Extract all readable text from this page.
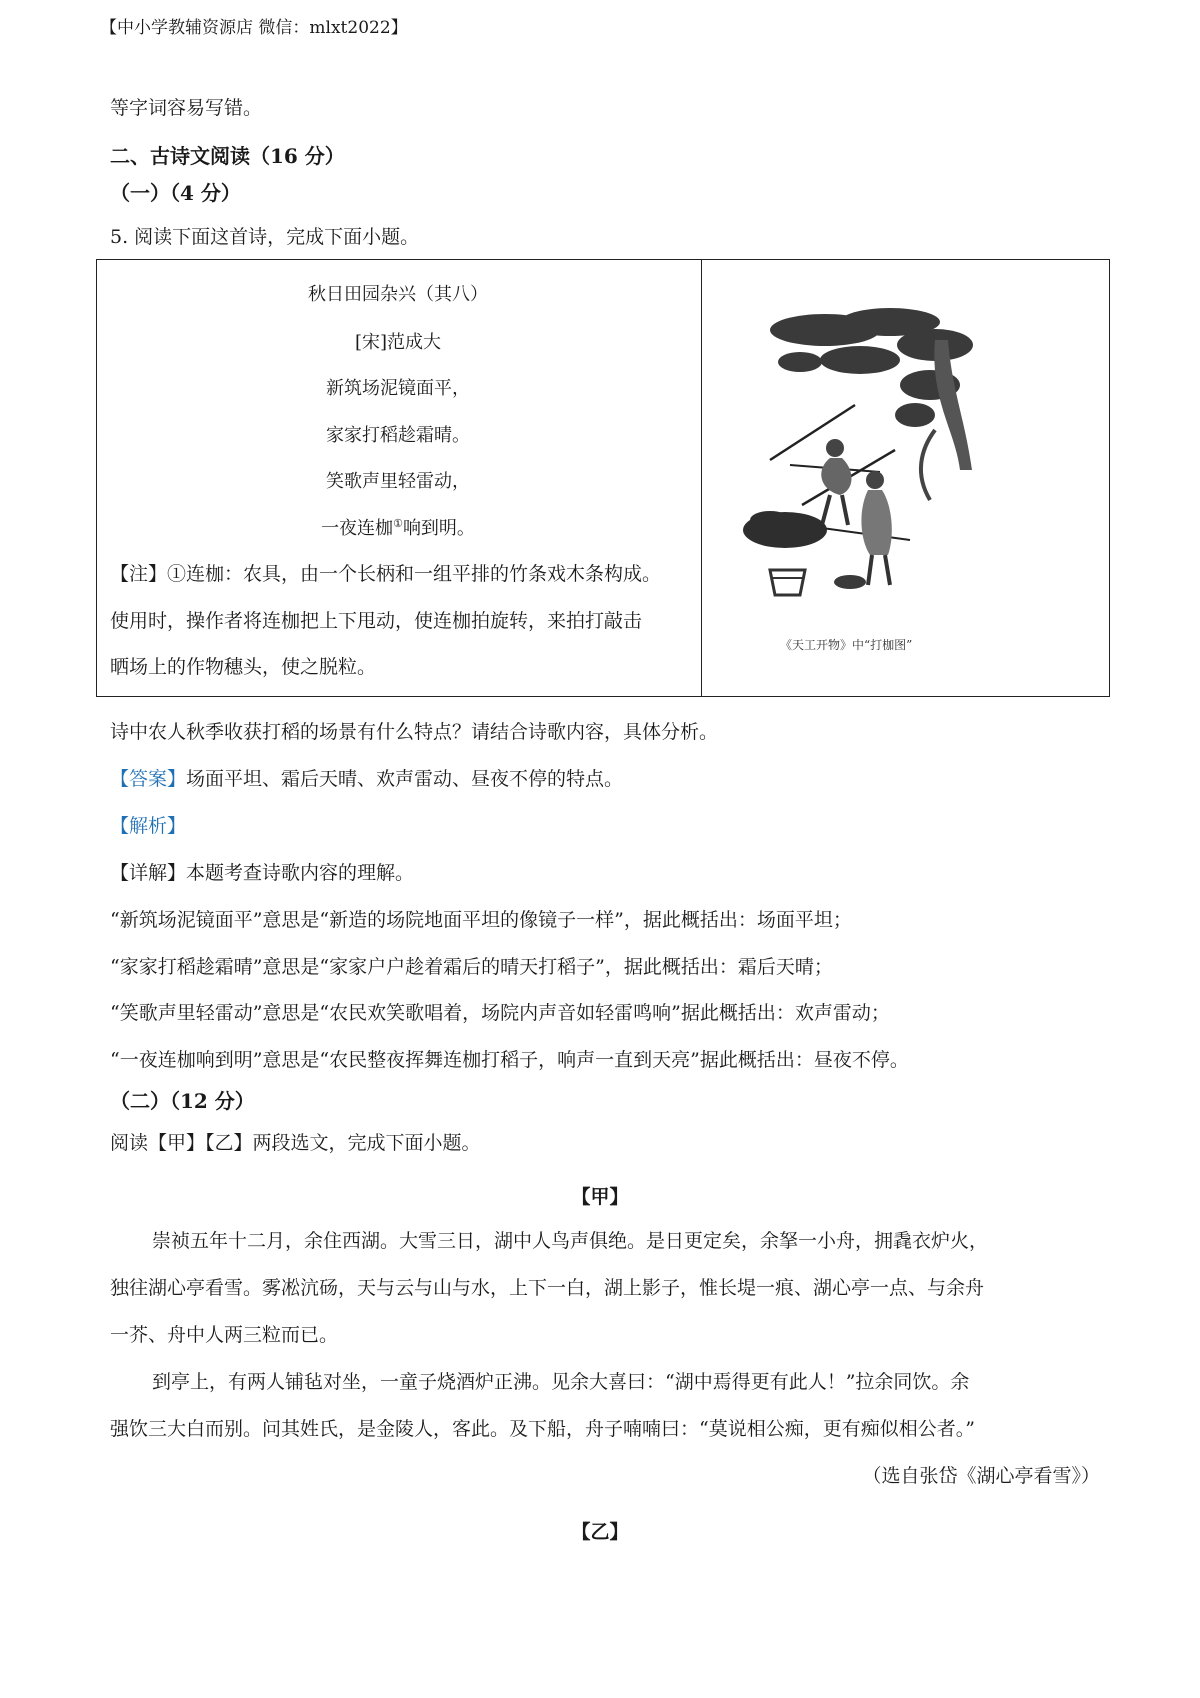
【中小学教辅资源店 微信：mlxt2022】
等字词容易写错。
二、古诗文阅读（16 分）
（一）（4 分）
5. 阅读下面这首诗，完成下面小题。
秋日田园杂兴（其八）
[宋]范成大
新筑场泥镜面平，
家家打稻趁霜晴。
笑歌声里轻雷动，
一夜连枷①响到明。
【注】①连枷：农具，由一个长柄和一组平排的竹条戏木条构成。
使用时，操作者将连枷把上下甩动，使连枷拍旋转，来拍打敲击
晒场上的作物穗头，使之脱粒。
《天工开物》中“打枷图”
诗中农人秋季收获打稻的场景有什么特点？请结合诗歌内容，具体分析。
【答案】场面平坦、霜后天晴、欢声雷动、昼夜不停的特点。
【解析】
【详解】本题考查诗歌内容的理解。
“新筑场泥镜面平”意思是“新造的场院地面平坦的像镜子一样”，据此概括出：场面平坦；
“家家打稻趁霜晴”意思是“家家户户趁着霜后的晴天打稻子”，据此概括出：霜后天晴；
“笑歌声里轻雷动”意思是“农民欢笑歌唱着，场院内声音如轻雷鸣响”据此概括出：欢声雷动；
“一夜连枷响到明”意思是“农民整夜挥舞连枷打稻子，响声一直到天亮”据此概括出：昼夜不停。
（二）（12 分）
阅读【甲】【乙】两段选文，完成下面小题。
【甲】
崇祯五年十二月，余住西湖。大雪三日，湖中人鸟声俱绝。是日更定矣，余拏一小舟，拥毳衣炉火，
独往湖心亭看雪。雾凇沆砀，天与云与山与水，上下一白，湖上影子，惟长堤一痕、湖心亭一点、与余舟
一芥、舟中人两三粒而已。
到亭上，有两人铺毡对坐，一童子烧酒炉正沸。见余大喜曰：“湖中焉得更有此人！”拉余同饮。余
强饮三大白而别。问其姓氏，是金陵人，客此。及下船，舟子喃喃曰：“莫说相公痴，更有痴似相公者。”
（选自张岱《湖心亭看雪》）
【乙】
